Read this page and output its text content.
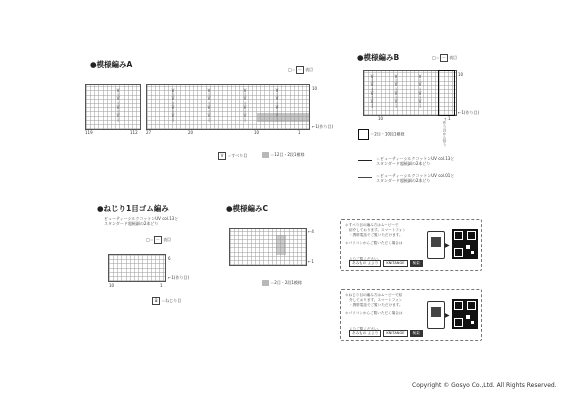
●模様編みA
□＝ ー 表目
V
|
V
|
V
|
V
|
V
|
V
|
V
|
V
|
V
|
V
|
V
|
V
|
V
|
V
|
V
|
V
|
V
|
V
|
V
|

10
←1(作り目)
119	112 27	20	10	1
V ＝すべり目	＝12目・2段1模様
●模様編みB	□＝ ー 表目
V
|
V
|
V
|
V
|
V
|
V
|
V
|
V
|
V
|
V
|
V
|
V
|
10
←1(作り目)
10	1
←作り目から拾う
＝2目・10段1模様
＝ビューティーシルクコットンUV col.13と
スタンダード超極細の2本どり
＝ビューティーシルクコットンUV col.01と
スタンダード超極細の2本どり
●ねじり1目ゴム編み
ビューティーシルクコットンUV col.13と
スタンダード超極細の2本どり
□＝ ー 表目
6
←1(作り目)
10	1
Ջ ＝ねじり目
●模様編みC
←4
←1
＝2目・2段1模様
＊すべり目の編み方はムービーで
紹介しております。スマートフォン
・携帯電話でご覧いただけます。
＊パソコンからご覧いただく場合は
あみもの よより KNITANGE 検索
よりご覧ください。
▶
＊ねじり目の編み方はムービーで紹
介しております。スマートフォン
・携帯電話でご覧いただけます。
＊パソコンからご覧いただく場合は
あみもの よより KNITANGE 検索
よりご覧ください。
▶
Copyright © Gosyo Co.,Ltd. All Rights Reserved.
